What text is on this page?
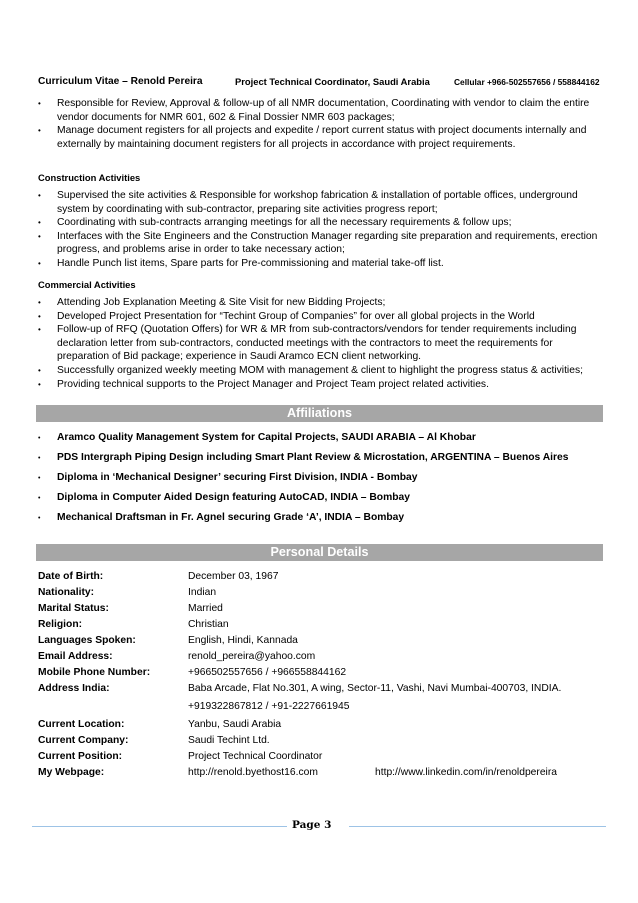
Curriculum Vitae – Renold Pereira	Project Technical Coordinator, Saudi Arabia	Cellular +966-502557656 / 558844162
• Responsible for Review, Approval & follow-up of all NMR documentation, Coordinating with vendor to claim the entire vendor documents for NMR 601, 602 & Final Dossier NMR 603 packages;
• Manage document registers for all projects and expedite / report current status with project documents internally and externally by maintaining document registers for all projects in accordance with project requirements.
Construction Activities
• Supervised the site activities & Responsible for workshop fabrication & installation of portable offices, underground system by coordinating with sub-contractor, preparing site activities progress report;
• Coordinating with sub-contracts arranging meetings for all the necessary requirements & follow ups;
• Interfaces with the Site Engineers and the Construction Manager regarding site preparation and requirements, erection progress, and problems arise in order to take necessary action;
• Handle Punch list items, Spare parts for Pre-commissioning and material take-off list.
Commercial Activities
• Attending Job Explanation Meeting & Site Visit for new Bidding Projects;
• Developed Project Presentation for “Techint Group of Companies” for over all global projects in the World
• Follow-up of RFQ (Quotation Offers) for WR & MR from sub-contractors/vendors for tender requirements including declaration letter from sub-contractors, conducted meetings with the contractors to meet the requirements for preparation of Bid package; experience in Saudi Aramco ECN client networking.
• Successfully organized weekly meeting MOM with management & client to highlight the progress status & activities;
• Providing technical supports to the Project Manager and Project Team project related activities.
Affiliations
• Aramco Quality Management System for Capital Projects, SAUDI ARABIA – Al Khobar
• PDS Intergraph Piping Design including Smart Plant Review & Microstation, ARGENTINA – Buenos Aires
• Diploma in ‘Mechanical Designer’ securing First Division, INDIA - Bombay
• Diploma in Computer Aided Design featuring AutoCAD, INDIA – Bombay
• Mechanical Draftsman in Fr. Agnel securing Grade ‘A’, INDIA – Bombay
Personal Details
Date of Birth:	December 03, 1967
Nationality:	Indian
Marital Status:	Married
Religion:	Christian
Languages Spoken:	English, Hindi, Kannada
Email Address:	renold_pereira@yahoo.com
Mobile Phone Number:	+966502557656 / +966558844162
Address India:	Baba Arcade, Flat No.301, A wing, Sector-11, Vashi, Navi Mumbai-400703, INDIA.
+919322867812 / +91-2227661945
Current Location:	Yanbu, Saudi Arabia
Current Company:	Saudi Techint Ltd.
Current Position:	Project Technical Coordinator
My Webpage:	http://renold.byethost16.com	http://www.linkedin.com/in/renoldpereira
Page 3
